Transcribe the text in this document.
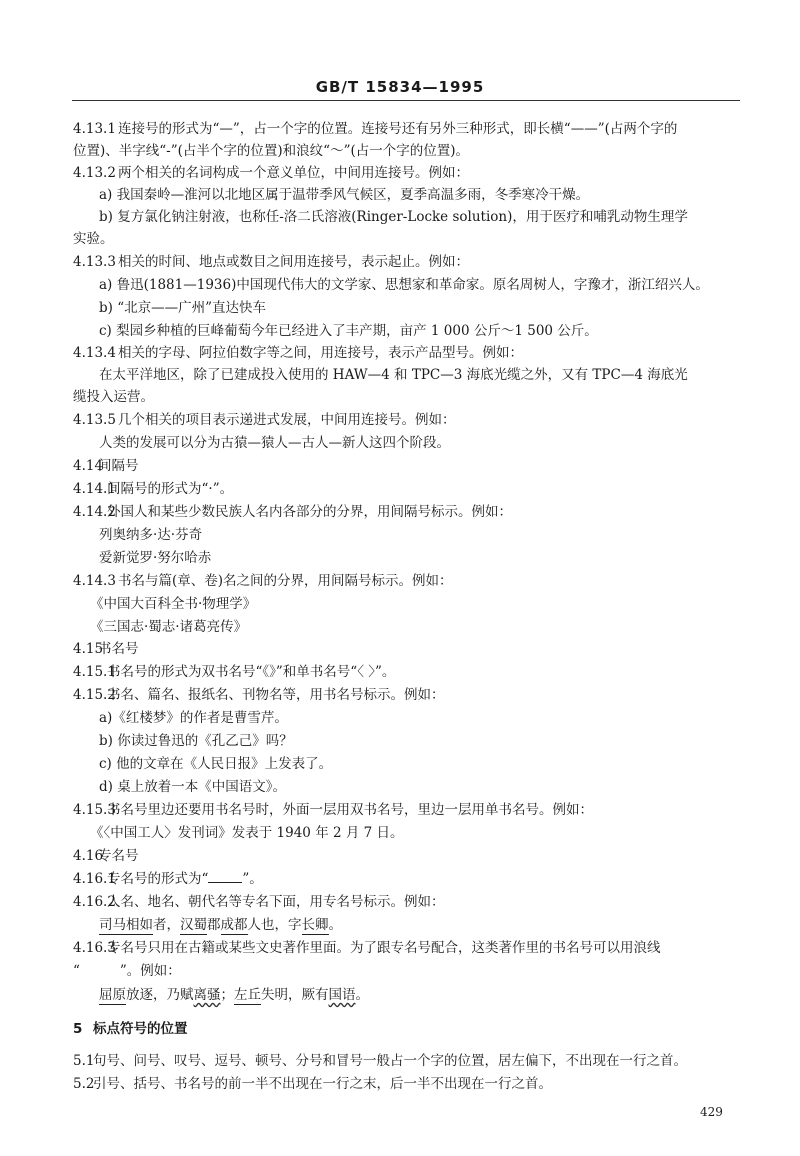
GB/T 15834—1995
4.13.1 连接号的形式为“—”，占一个字的位置。连接号还有另外三种形式，即长横“——”(占两个字的
位置)、半字线“-”(占半个字的位置)和浪纹“～”(占一个字的位置)。
4.13.2 两个相关的名词构成一个意义单位，中间用连接号。例如：
a) 我国秦岭—淮河以北地区属于温带季风气候区，夏季高温多雨，冬季寒冷干燥。
b) 复方氯化钠注射液，也称任-洛二氏溶液(Ringer-Locke solution)，用于医疗和哺乳动物生理学
实验。
4.13.3 相关的时间、地点或数目之间用连接号，表示起止。例如：
a) 鲁迅(1881—1936)中国现代伟大的文学家、思想家和革命家。原名周树人，字豫才，浙江绍兴人。
b) “北京——广州”直达快车
c) 梨园乡种植的巨峰葡萄今年已经进入了丰产期，亩产 1 000 公斤～1 500 公斤。
4.13.4 相关的字母、阿拉伯数字等之间，用连接号，表示产品型号。例如：
在太平洋地区，除了已建成投入使用的 HAW—4 和 TPC—3 海底光缆之外，又有 TPC—4 海底光
缆投入运营。
4.13.5 几个相关的项目表示递进式发展，中间用连接号。例如：
人类的发展可以分为古猿—猿人—古人—新人这四个阶段。
4.14
间隔号
4.14.1
间隔号的形式为“·”。
4.14.2
外国人和某些少数民族人名内各部分的分界，用间隔号标示。例如：
列奥纳多·达·芬奇
爱新觉罗·努尔哈赤
4.14.3 书名与篇(章、卷)名之间的分界，用间隔号标示。例如：
《中国大百科全书·物理学》
《三国志·蜀志·诸葛亮传》
4.15
书名号
4.15.1
书名号的形式为双书名号“《》”和单书名号“〈 〉”。
4.15.2
书名、篇名、报纸名、刊物名等，用书名号标示。例如：
a)《红楼梦》的作者是曹雪芹。
b) 你读过鲁迅的《孔乙己》吗？
c) 他的文章在《人民日报》上发表了。
d) 桌上放着一本《中国语文》。
4.15.3
书名号里边还要用书名号时，外面一层用双书名号，里边一层用单书名号。例如：
《〈中国工人〉发刊词》发表于 1940 年 2 月 7 日。
4.16
专名号
4.16.1
专名号的形式为“	”。
4.16.2
人名、地名、朝代名等专名下面，用专名号标示。例如：
司马相如者，汉蜀郡成都人也，字长卿。
4.16.3
专名号只用在古籍或某些文史著作里面。为了跟专名号配合，这类著作里的书名号可以用浪线
“	”。例如：
屈原放逐，乃赋离骚；左丘失明，厥有国语。
5 标点符号的位置
5.1
句号、问号、叹号、逗号、顿号、分号和冒号一般占一个字的位置，居左偏下，不出现在一行之首。
5.2
引号、括号、书名号的前一半不出现在一行之末，后一半不出现在一行之首。
429
